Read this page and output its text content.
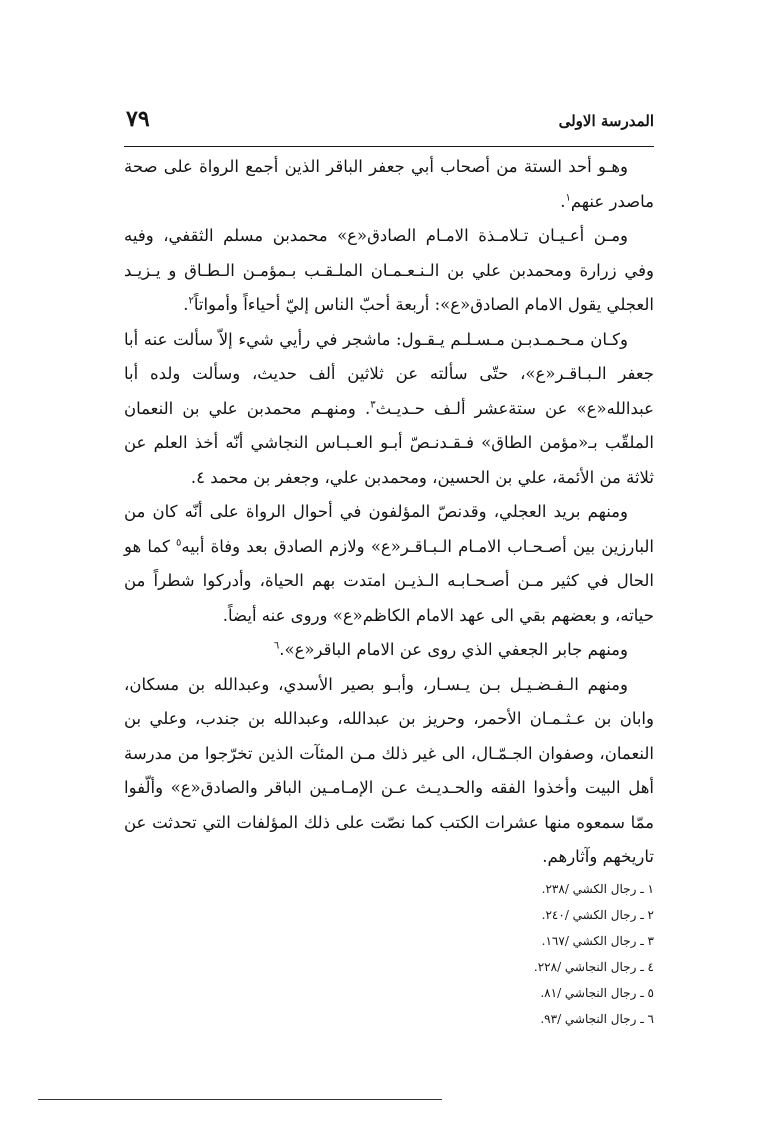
المدرسة الاولى
٧٩

وهـو أحد الستة من أصحاب أبي جعفر الباقر الذين أجمع الرواة على صحة ماصدر عنهم$^١$.

ومـن أعـيـان تـلامـذة الامـام الصادق«ع» محمدبن مسلم الثقفي، وفيه وفي زرارة ومحمدبن علي بن الـنـعـمـان الملـقـب بـمؤمـن الـطـاق و يـزيـد العجلي يقول الامام الصادق«ع»: أربعة أحبّ الناس إليّ أحياءاً وأمواتاً$^٢$.

وكـان مـحـمـدبـن مـسـلـم يـقـول: ماشجر في رأيي شيء إلاّ سألت عنه أبا جعفر الـبـاقـر«ع»، حتّى سألته عن ثلاثين ألف حديث، وسألت ولده أبا عبدالله«ع» عن ستةعشر ألـف حـديـث$^٣$. ومنهـم محمدبن علي بن النعمان الملقّب بـ«مؤمن الطاق» فـقـدنـصّ أبـو العـبـاس النجاشي أنّه أخذ العلم عن ثلاثة من الأئمة، علي بن الحسين، ومحمدبن علي، وجعفر بن محمد ٤.

ومنهم بريد العجلي، وقدنصّ المؤلفون في أحوال الرواة على أنّه كان من البارزين بين أصـحـاب الامـام الـبـاقـر«ع» ولازم الصادق بعد وفاة أبيه$^٥$ كما هو الحال في كثير مـن أصـحـابـه الـذيـن امتدت بهم الحياة، وأدركوا شطراً من حياته، و بعضهم بقي الى عهد الامام الكاظم«ع» وروى عنه أيضاً.

ومنهم جابر الجعفي الذي روى عن الامام الباقر«ع».$^٦$

ومنهم الـفـضـيـل بـن يـسـار، وأبـو بصير الأسدي، وعبدالله بن مسكان، وابان بن عـثـمـان الأحمر، وحريز بن عبدالله، وعبدالله بن جندب، وعلي بن النعمان، وصفوان الجـمّـال، الى غير ذلك مـن المئآت الذين تخرّجوا من مدرسة أهل البيت وأخذوا الفقه والحـديـث عـن الإمـامـين الباقر والصادق«ع» وألّفوا ممّا سمعوه منها عشرات الكتب كما نصّت على ذلك المؤلفات التي تحدثت عن تاريخهم وآثارهم.

١ ـ رجال الكشي /٢٣٨.
٢ ـ رجال الكشي /٢٤٠.
٣ ـ رجال الكشي /١٦٧.
٤ ـ رجال النجاشي /٢٢٨.
٥ ـ رجال النجاشي /٨١.
٦ ـ رجال النجاشي /٩٣.
